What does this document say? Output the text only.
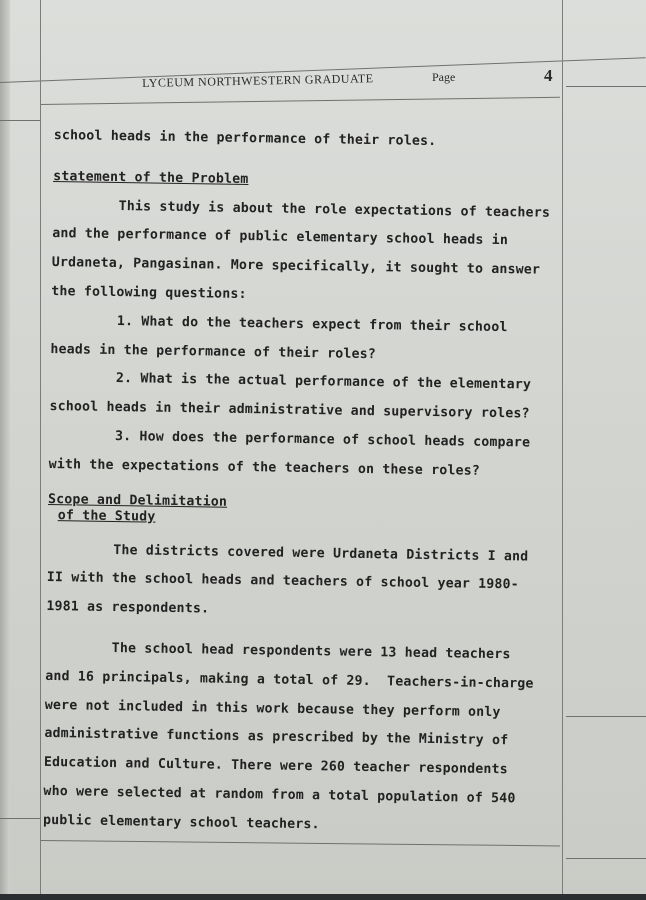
LYCEUM NORTHWESTERN GRADUATE	Page	4
school heads in the performance of their roles.
statement of the Problem
This study is about the role expectations of teachers
and the performance of public elementary school heads in
Urdaneta, Pangasinan. More specifically, it sought to answer
the following questions:
1. What do the teachers expect from their school
heads in the performance of their roles?
2. What is the actual performance of the elementary
school heads in their administrative and supervisory roles?
3. How does the performance of school heads compare
with the expectations of the teachers on these roles?
Scope and Delimitation
of the Study
The districts covered were Urdaneta Districts I and
II with the school heads and teachers of school year 1980-
1981 as respondents.
The school head respondents were 13 head teachers
and 16 principals, making a total of 29.  Teachers-in-charge
were not included in this work because they perform only
administrative functions as prescribed by the Ministry of
Education and Culture. There were 260 teacher respondents
who were selected at random from a total population of 540
public elementary school teachers.
